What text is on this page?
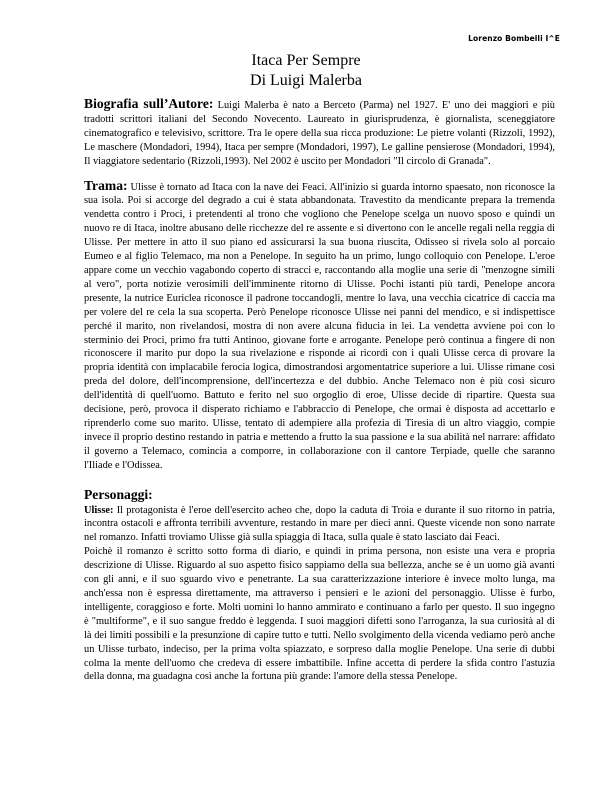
Lorenzo Bombelli I^E
Itaca Per Sempre
Di Luigi Malerba

Biografia sull’Autore: Luigi Malerba è nato a Berceto (Parma) nel 1927. E' uno dei maggiori e più tradotti scrittori italiani del Secondo Novecento. Laureato in giurisprudenza, è giornalista, sceneggiatore cinematografico e televisivo, scrittore. Tra le opere della sua ricca produzione: Le pietre volanti (Rizzoli, 1992), Le maschere (Mondadori, 1994), Itaca per sempre (Mondadori, 1997), Le galline pensierose (Mondadori, 1994), Il viaggiatore sedentario (Rizzoli,1993). Nel 2002 è uscito per Mondadori "Il circolo di Granada".

Trama: Ulisse è tornato ad Itaca con la nave dei Feaci. All'inizio si guarda intorno spaesato, non riconosce la sua isola. Poi si accorge del degrado a cui è stata abbandonata. Travestito da mendicante prepara la tremenda vendetta contro i Proci, i pretendenti al trono che vogliono che Penelope scelga un nuovo sposo e quindi un nuovo re di Itaca, inoltre abusano delle ricchezze del re assente e si divertono con le ancelle regali nella reggia di Ulisse. Per mettere in atto il suo piano ed assicurarsi la sua buona riuscita, Odisseo si rivela solo al porcaio Eumeo e al figlio Telemaco, ma non a Penelope. In seguito ha un primo, lungo colloquio con Penelope. L'eroe appare come un vecchio vagabondo coperto di stracci e, raccontando alla moglie una serie di "menzogne simili al vero", porta notizie verosimili dell'imminente ritorno di Ulisse. Pochi istanti più tardi, Penelope ancora presente, la nutrice Euriclea riconosce il padrone toccandogli, mentre lo lava, una vecchia cicatrice di caccia ma per volere del re cela la sua scoperta. Però Penelope riconosce Ulisse nei panni del mendico, e si indispettisce perché il marito, non rivelandosi, mostra di non avere alcuna fiducia in lei. La vendetta avviene poi con lo sterminio dei Proci, primo fra tutti Antinoo, giovane forte e arrogante. Penelope però continua a fingere di non riconoscere il marito pur dopo la sua rivelazione e risponde ai ricordi con i quali Ulisse cerca di provare la propria identità con implacabile ferocia logica, dimostrandosi argomentatrice superiore a lui. Ulisse rimane così preda del dolore, dell'incomprensione, dell'incertezza e del dubbio. Anche Telemaco non è più così sicuro dell'identità di quell'uomo. Battuto e ferito nel suo orgoglio di eroe, Ulisse decide di ripartire. Questa sua decisione, però, provoca il disperato richiamo e l'abbraccio di Penelope, che ormai è disposta ad accettarlo e riprenderlo come suo marito. Ulisse, tentato di adempiere alla profezia di Tiresia di un altro viaggio, compie invece il proprio destino restando in patria e mettendo a frutto la sua passione e la sua abilità nel narrare: affidato il governo a Telemaco, comincia a comporre, in collaborazione con il cantore Terpiade, quelle che saranno l'Iliade e l'Odissea.

Personaggi:

Ulisse: Il protagonista è l'eroe dell'esercito acheo che, dopo la caduta di Troia e durante il suo ritorno in patria, incontra ostacoli e affronta terribili avventure, restando in mare per dieci anni. Queste vicende non sono narrate nel romanzo. Infatti troviamo Ulisse già sulla spiaggia di Itaca, sulla quale è stato lasciato dai Feaci.

Poichè il romanzo è scritto sotto forma di diario, e quindi in prima persona, non esiste una vera e propria descrizione di Ulisse. Riguardo al suo aspetto fisico sappiamo della sua bellezza, anche se è un uomo già avanti con gli anni, e il suo sguardo vivo e penetrante. La sua caratterizzazione interiore è invece molto lunga, ma anch'essa non è espressa direttamente, ma attraverso i pensieri e le azioni del personaggio. Ulisse è furbo, intelligente, coraggioso e forte. Molti uomini lo hanno ammirato e continuano a farlo per questo. Il suo ingegno è "multiforme", e il suo sangue freddo è leggenda. I suoi maggiori difetti sono l'arroganza, la sua curiosità al di là dei limiti possibili e la presunzione di capire tutto e tutti. Nello svolgimento della vicenda vediamo però anche un Ulisse turbato, indeciso, per la prima volta spiazzato, e sorpreso dalla moglie Penelope. Una serie di dubbi colma la mente dell'uomo che credeva di essere imbattibile. Infine accetta di perdere la sfida contro l'astuzia della donna, ma guadagna così anche la fortuna più grande: l'amore della stessa Penelope.
